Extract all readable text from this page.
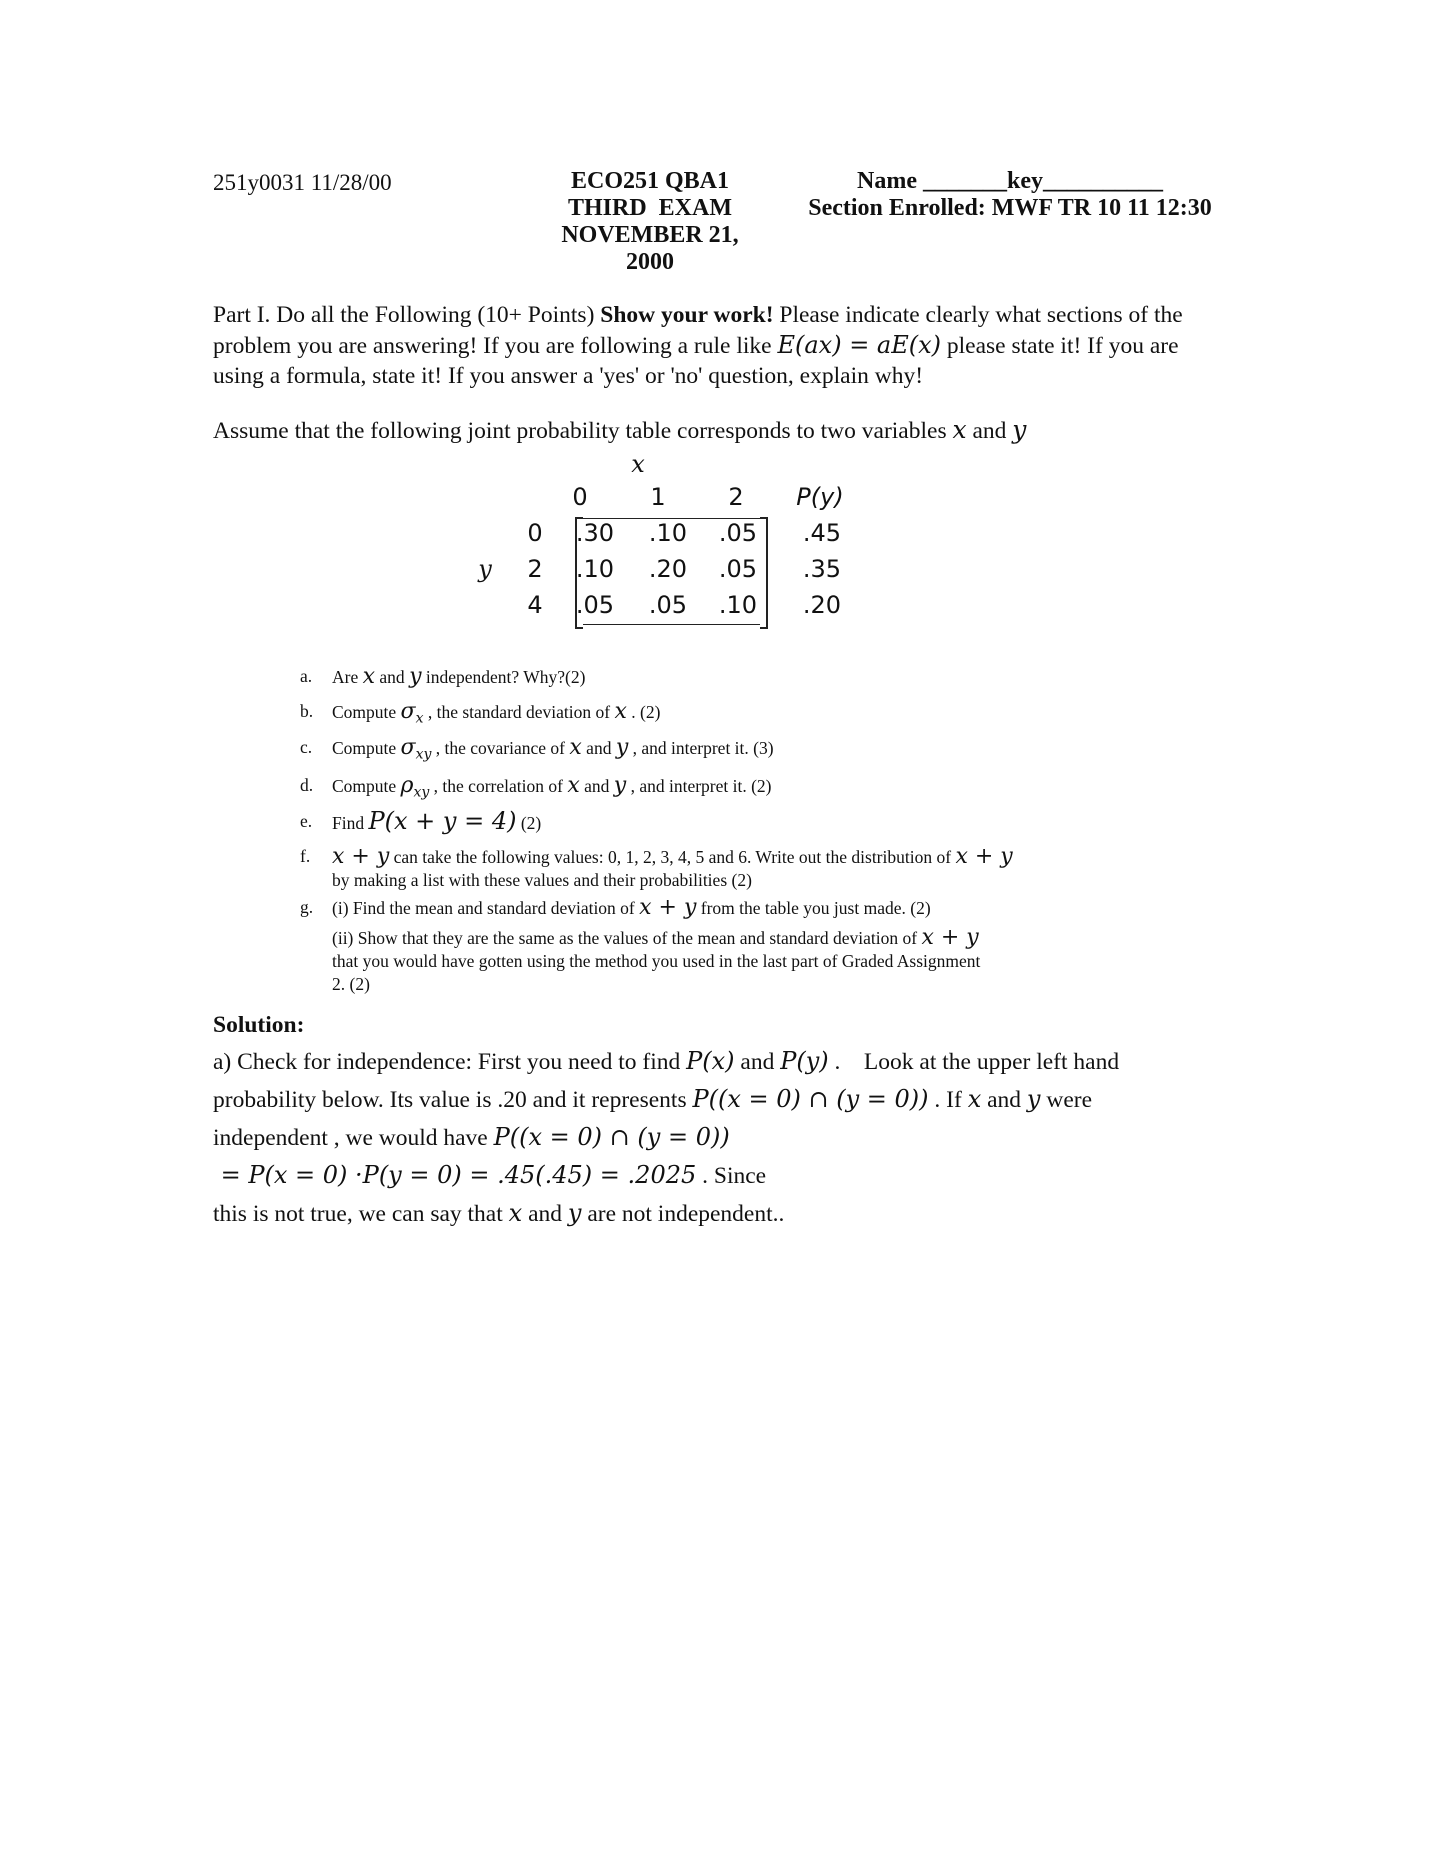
251y0031 11/28/00	ECO251 QBA1
THIRD  EXAM
NOVEMBER 21, 2000
Name _______key__________
Section Enrolled: MWF TR 10 11 12:30
Part I. Do all the Following (10+ Points) Show your work! Please indicate clearly what sections of the problem you are answering! If you are following a rule like E(ax) = aE(x) please state it! If you are using a formula, state it! If you answer a 'yes' or 'no' question, explain why!
Assume that the following joint probability table corresponds to two variables x and y
x
0	1	2	P(y)
y
0	.30	.10	.05	.45
2	.10	.20	.05	.35
4	.05	.05	.10	.20
a.	Are x and y independent? Why?(2)
b.	Compute $\sigma_x$ , the standard deviation of x . (2)
c.	Compute $\sigma_{xy}$ , the covariance of x and y , and interpret it. (3)
d.	Compute $\rho_{xy}$ , the correlation of x and y , and interpret it. (2)
e.	Find P(x + y = 4) (2)
f. x + y can take the following values: 0, 1, 2, 3, 4, 5 and 6. Write out the distribution of x + y
by making a list with these values and their probabilities (2)
g.	(i) Find the mean and standard deviation of x + y from the table you just made. (2)
(ii) Show that they are the same as the values of the mean and standard deviation of x + y
that you would have gotten using the method you used in the last part of Graded Assignment
2. (2)
Solution:
a) Check for independence: First you need to find P(x) and P(y) .    Look at the upper left hand
probability below. Its value is .20 and it represents P((x = 0) ∩ (y = 0)) . If x and y were
independent , we would have P((x = 0) ∩ (y = 0)) = P(x = 0) ·P(y = 0) = .45(.45) = .2025 . Since
this is not true, we can say that x and y are not independent..
